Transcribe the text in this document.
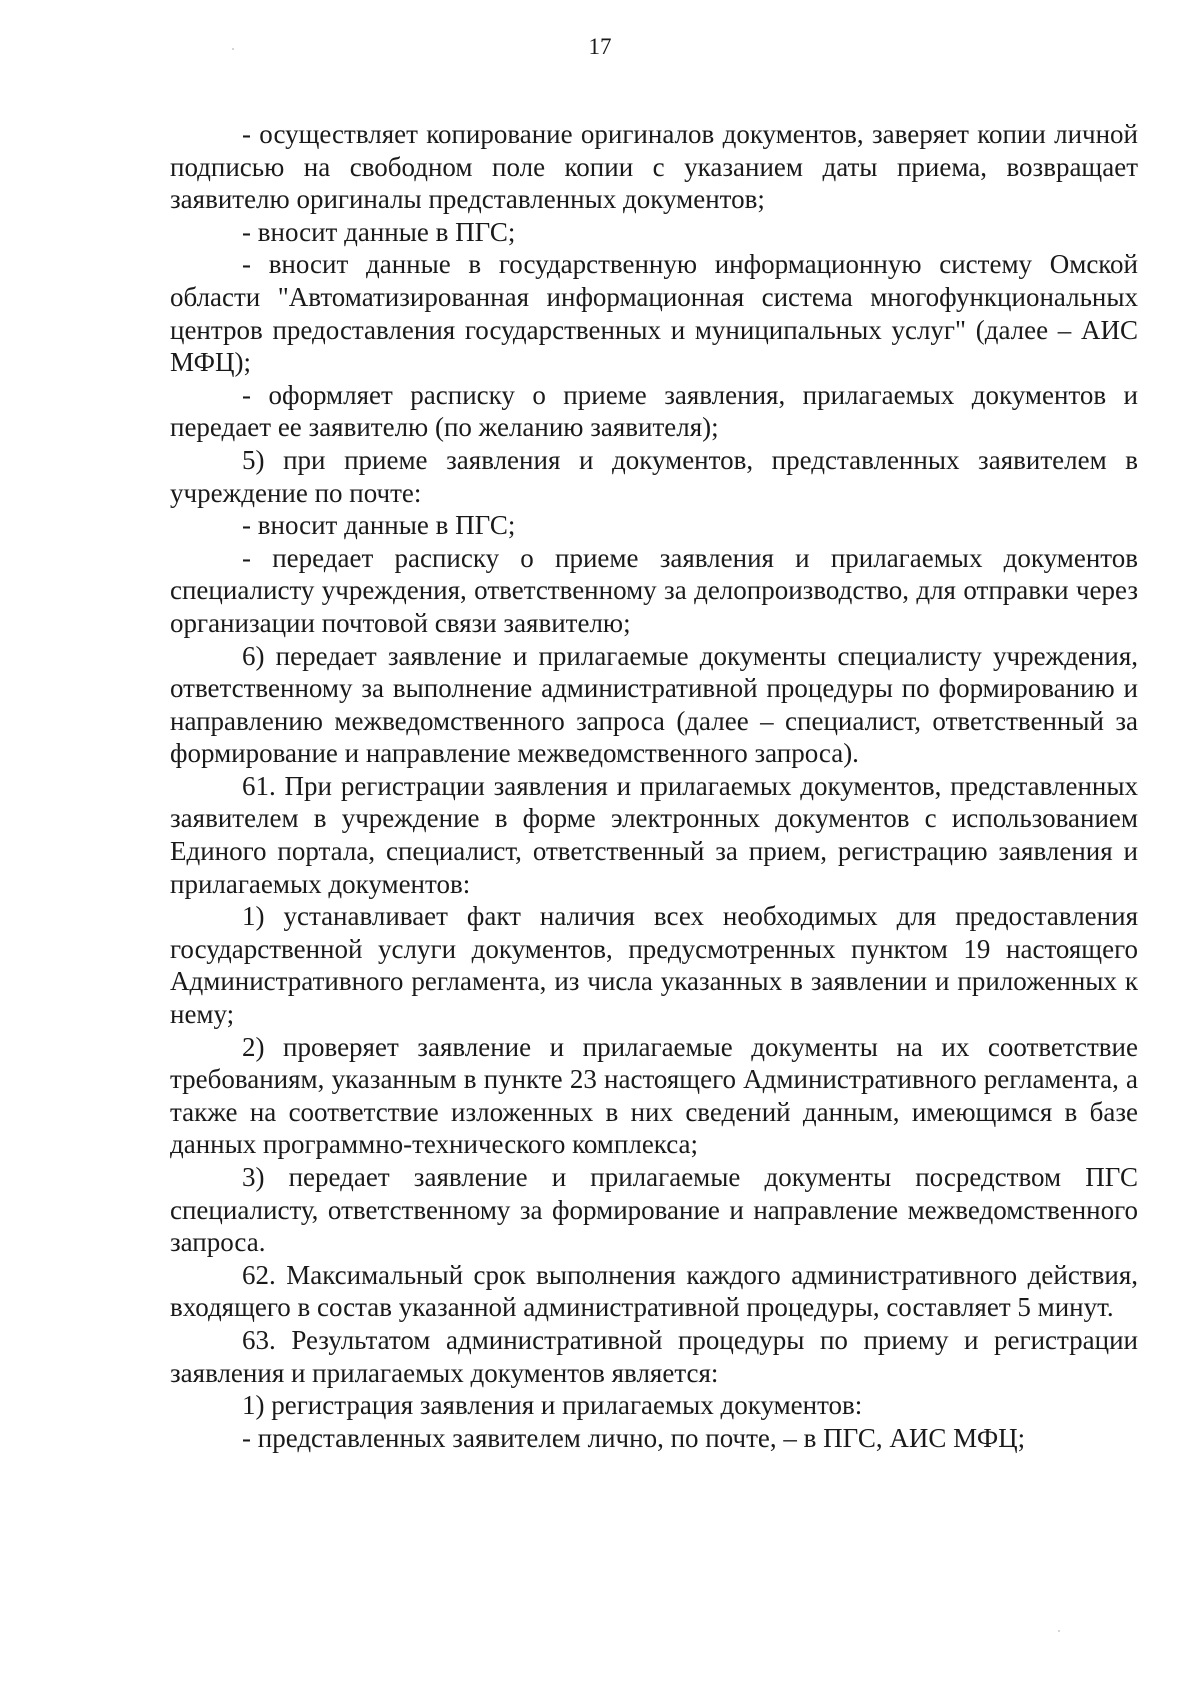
17

- осуществляет копирование оригиналов документов, заверяет копии личной подписью на свободном поле копии с указанием даты приема, возвращает заявителю оригиналы представленных документов;

- вносит данные в ПГС;

- вносит данные в государственную информационную систему Омской области "Автоматизированная информационная система многофункциональных центров предоставления государственных и муниципальных услуг" (далее – АИС МФЦ);

- оформляет расписку о приеме заявления, прилагаемых документов и передает ее заявителю (по желанию заявителя);

5) при приеме заявления и документов, представленных заявителем в учреждение по почте:

- вносит данные в ПГС;

- передает расписку о приеме заявления и прилагаемых документов специалисту учреждения, ответственному за делопроизводство, для отправки через организации почтовой связи заявителю;

6) передает заявление и прилагаемые документы специалисту учреждения, ответственному за выполнение административной процедуры по формированию и направлению межведомственного запроса (далее – специалист, ответственный за формирование и направление межведомственного запроса).

61. При регистрации заявления и прилагаемых документов, представленных заявителем в учреждение в форме электронных документов с использованием Единого портала, специалист, ответственный за прием, регистрацию заявления и прилагаемых документов:

1) устанавливает факт наличия всех необходимых для предоставления государственной услуги документов, предусмотренных пунктом 19 настоящего Административного регламента, из числа указанных в заявлении и приложенных к нему;

2) проверяет заявление и прилагаемые документы на их соответствие требованиям, указанным в пункте 23 настоящего Административного регламента, а также на соответствие изложенных в них сведений данным, имеющимся в базе данных программно-технического комплекса;

3) передает заявление и прилагаемые документы посредством ПГС специалисту, ответственному за формирование и направление межведомственного запроса.

62. Максимальный срок выполнения каждого административного действия, входящего в состав указанной административной процедуры, составляет 5 минут.

63. Результатом административной процедуры по приему и регистрации заявления и прилагаемых документов является:

1) регистрация заявления и прилагаемых документов:

- представленных заявителем лично, по почте, – в ПГС, АИС МФЦ;
